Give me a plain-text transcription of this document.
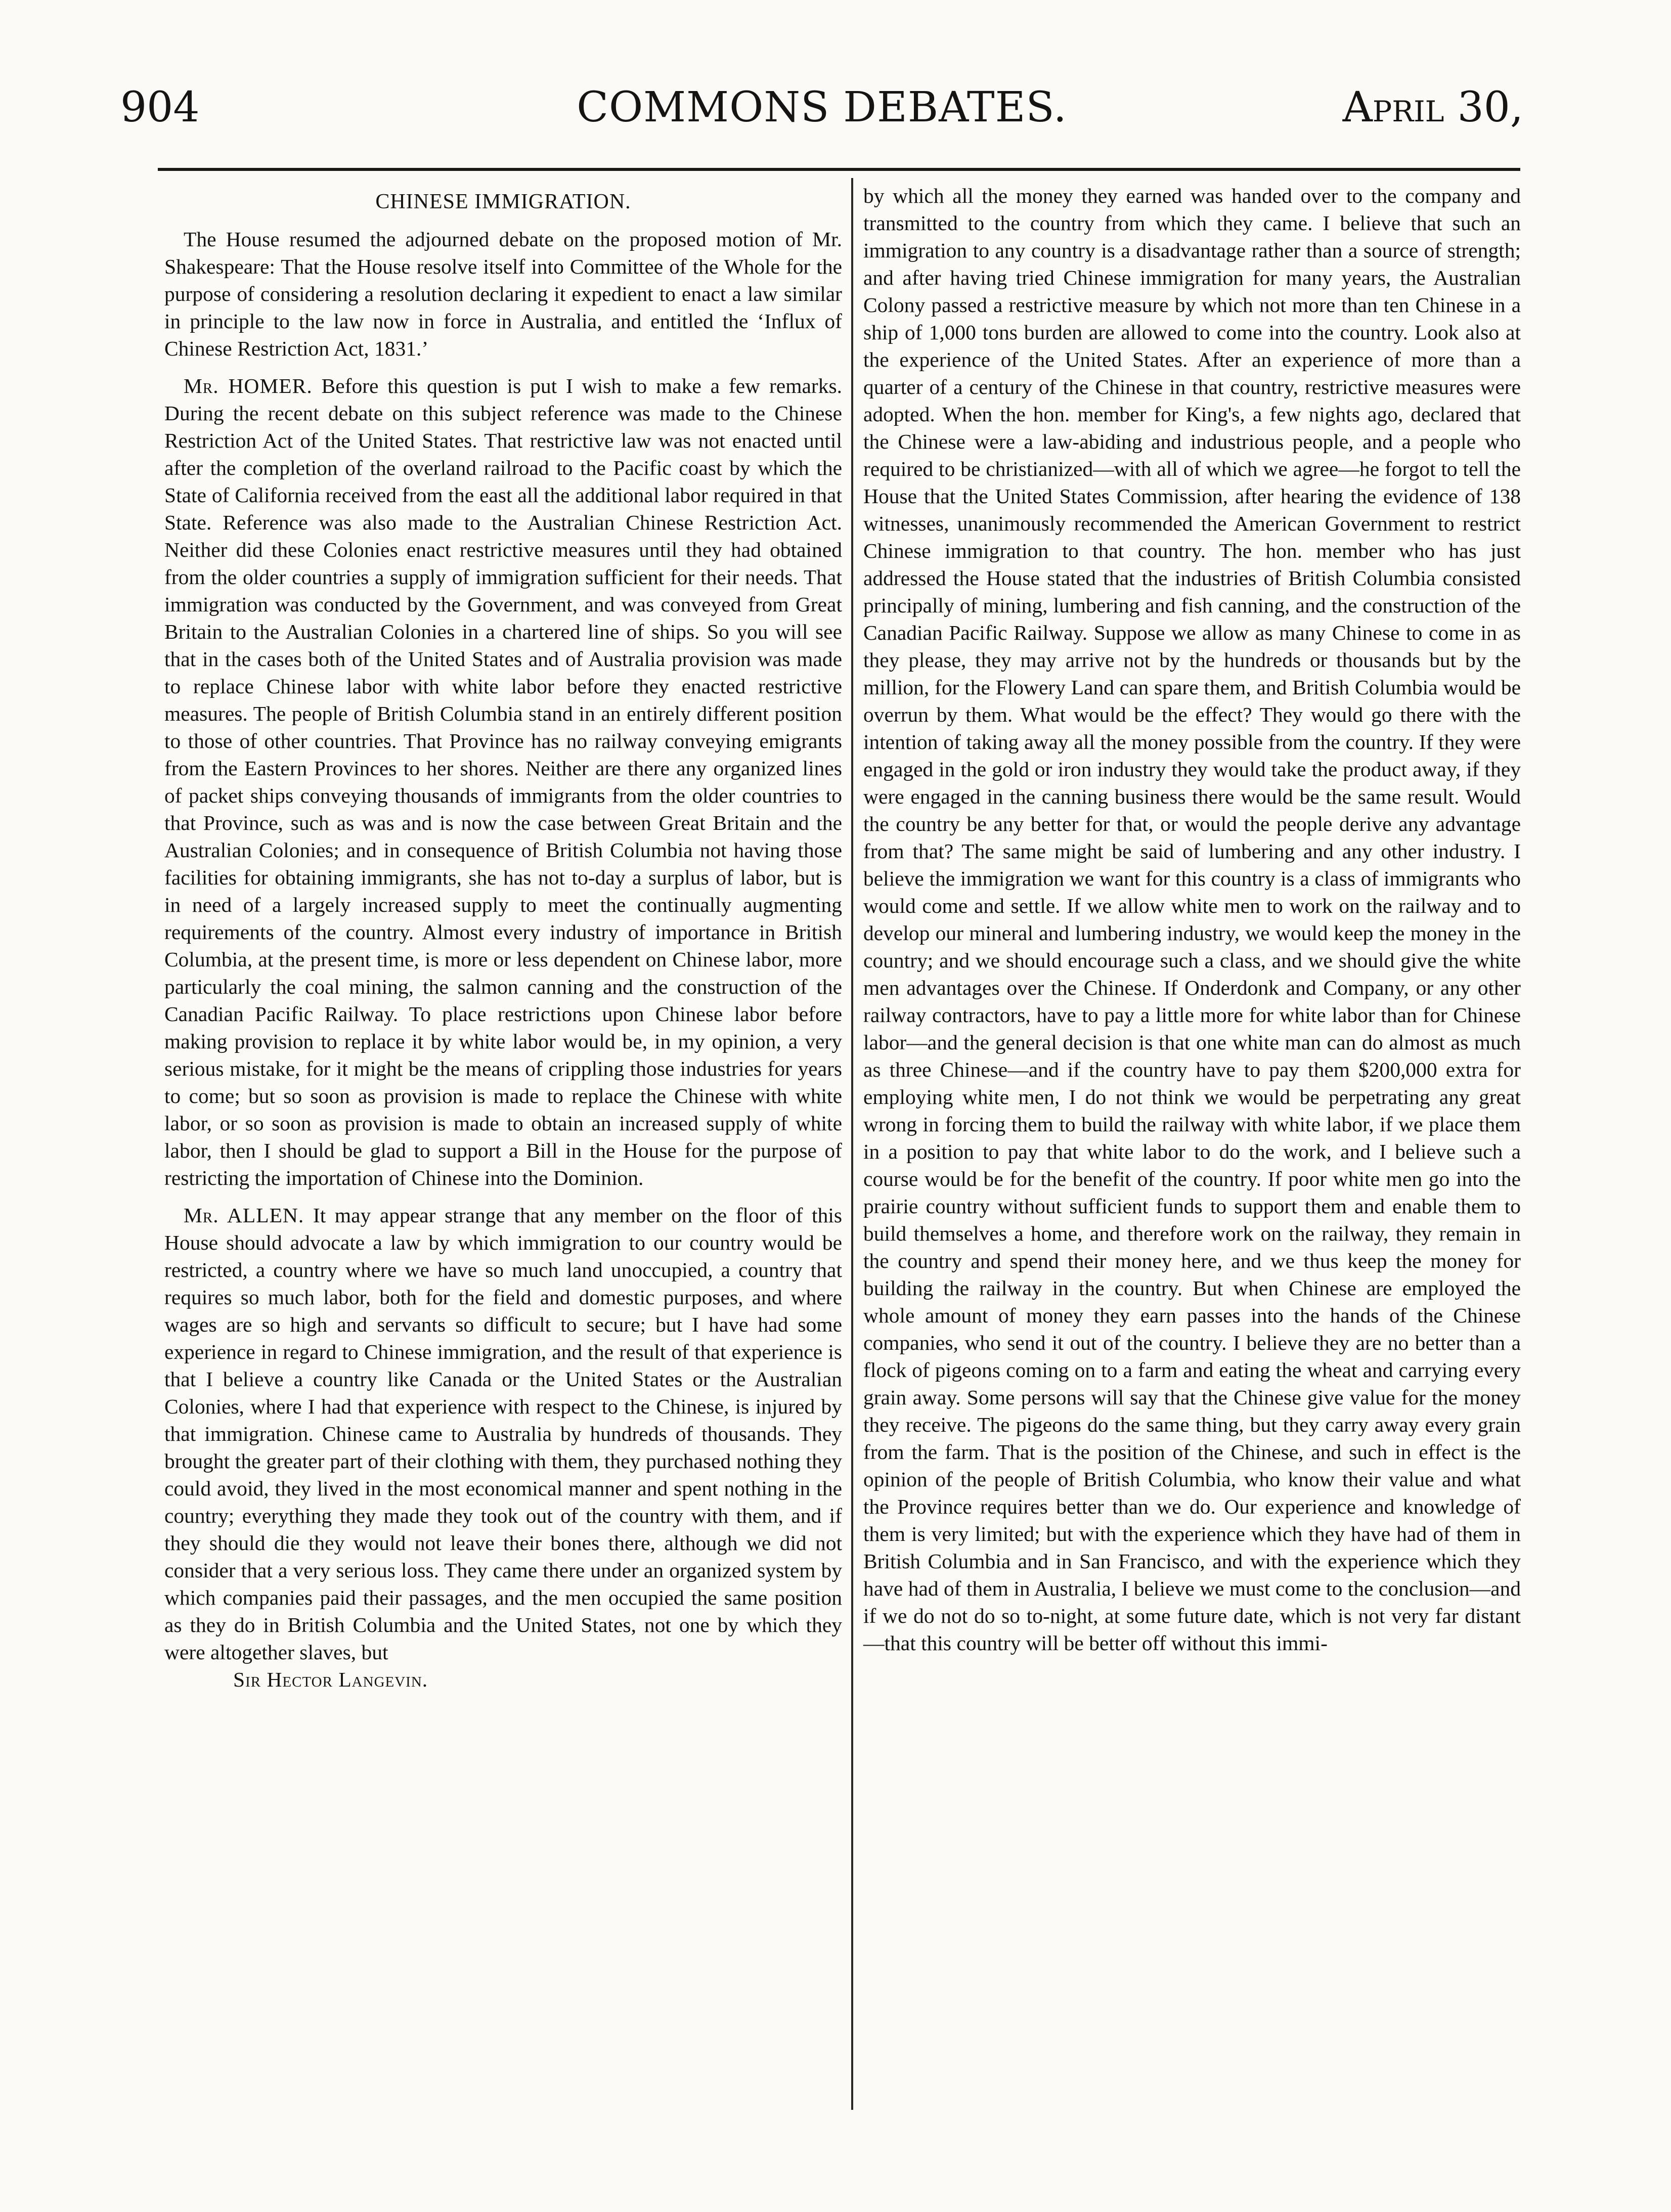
904	COMMONS DEBATES.	April 30,
CHINESE IMMIGRATION.

The House resumed the adjourned debate on the proposed motion of Mr. Shakespeare: That the House resolve itself into Committee of the Whole for the purpose of considering a resolution declaring it expedient to enact a law similar in principle to the law now in force in Australia, and entitled the ‘Influx of Chinese Restriction Act, 1831.’

Mr. HOMER. Before this question is put I wish to make a few remarks. During the recent debate on this subject reference was made to the Chinese Restriction Act of the United States. That restrictive law was not enacted until after the completion of the overland railroad to the Pacific coast by which the State of California received from the east all the additional labor required in that State. Reference was also made to the Australian Chinese Restriction Act. Neither did these Colonies enact restrictive measures until they had obtained from the older countries a supply of immigration sufficient for their needs. That immigration was conducted by the Government, and was conveyed from Great Britain to the Australian Colonies in a chartered line of ships. So you will see that in the cases both of the United States and of Australia provision was made to replace Chinese labor with white labor before they enacted restrictive measures. The people of British Columbia stand in an entirely different position to those of other countries. That Province has no railway conveying emigrants from the Eastern Provinces to her shores. Neither are there any organized lines of packet ships conveying thousands of immigrants from the older countries to that Province, such as was and is now the case between Great Britain and the Australian Colonies; and in consequence of British Columbia not having those facilities for obtaining immigrants, she has not to-day a surplus of labor, but is in need of a largely increased supply to meet the continually augmenting requirements of the country. Almost every industry of importance in British Columbia, at the present time, is more or less dependent on Chinese labor, more particularly the coal mining, the salmon canning and the construction of the Canadian Pacific Railway. To place restrictions upon Chinese labor before making provision to replace it by white labor would be, in my opinion, a very serious mistake, for it might be the means of crippling those industries for years to come; but so soon as provision is made to replace the Chinese with white labor, or so soon as provision is made to obtain an increased supply of white labor, then I should be glad to support a Bill in the House for the purpose of restricting the importation of Chinese into the Dominion.

Mr. ALLEN. It may appear strange that any member on the floor of this House should advocate a law by which immigration to our country would be restricted, a country where we have so much land unoccupied, a country that requires so much labor, both for the field and domestic purposes, and where wages are so high and servants so difficult to secure; but I have had some experience in regard to Chinese immigration, and the result of that experience is that I believe a country like Canada or the United States or the Australian Colonies, where I had that experience with respect to the Chinese, is injured by that immigration. Chinese came to Australia by hundreds of thousands. They brought the greater part of their clothing with them, they purchased nothing they could avoid, they lived in the most economical manner and spent nothing in the country; everything they made they took out of the country with them, and if they should die they would not leave their bones there, although we did not consider that a very serious loss. They came there under an organized system by which companies paid their passages, and the men occupied the same position as they do in British Columbia and the United States, not one by which they were altogether slaves, but

Sir Hector Langevin.

by which all the money they earned was handed over to the company and transmitted to the country from which they came. I believe that such an immigration to any country is a disadvantage rather than a source of strength; and after having tried Chinese immigration for many years, the Australian Colony passed a restrictive measure by which not more than ten Chinese in a ship of 1,000 tons burden are allowed to come into the country. Look also at the experience of the United States. After an experience of more than a quarter of a century of the Chinese in that country, restrictive measures were adopted. When the hon. member for King's, a few nights ago, declared that the Chinese were a law-abiding and industrious people, and a people who required to be christianized—with all of which we agree—he forgot to tell the House that the United States Commission, after hearing the evidence of 138 witnesses, unanimously recommended the American Government to restrict Chinese immigration to that country. The hon. member who has just addressed the House stated that the industries of British Columbia consisted principally of mining, lumbering and fish canning, and the construction of the Canadian Pacific Railway. Suppose we allow as many Chinese to come in as they please, they may arrive not by the hundreds or thousands but by the million, for the Flowery Land can spare them, and British Columbia would be overrun by them. What would be the effect? They would go there with the intention of taking away all the money possible from the country. If they were engaged in the gold or iron industry they would take the product away, if they were engaged in the canning business there would be the same result. Would the country be any better for that, or would the people derive any advantage from that? The same might be said of lumbering and any other industry. I believe the immigration we want for this country is a class of immigrants who would come and settle. If we allow white men to work on the railway and to develop our mineral and lumbering industry, we would keep the money in the country; and we should encourage such a class, and we should give the white men advantages over the Chinese. If Onderdonk and Company, or any other railway contractors, have to pay a little more for white labor than for Chinese labor—and the general decision is that one white man can do almost as much as three Chinese—and if the country have to pay them $200,000 extra for employing white men, I do not think we would be perpetrating any great wrong in forcing them to build the railway with white labor, if we place them in a position to pay that white labor to do the work, and I believe such a course would be for the benefit of the country. If poor white men go into the prairie country without sufficient funds to support them and enable them to build themselves a home, and therefore work on the railway, they remain in the country and spend their money here, and we thus keep the money for building the railway in the country. But when Chinese are employed the whole amount of money they earn passes into the hands of the Chinese companies, who send it out of the country. I believe they are no better than a flock of pigeons coming on to a farm and eating the wheat and carrying every grain away. Some persons will say that the Chinese give value for the money they receive. The pigeons do the same thing, but they carry away every grain from the farm. That is the position of the Chinese, and such in effect is the opinion of the people of British Columbia, who know their value and what the Province requires better than we do. Our experience and knowledge of them is very limited; but with the experience which they have had of them in British Columbia and in San Francisco, and with the experience which they have had of them in Australia, I believe we must come to the conclusion—and if we do not do so to-night, at some future date, which is not very far distant—that this country will be better off without this immi-
